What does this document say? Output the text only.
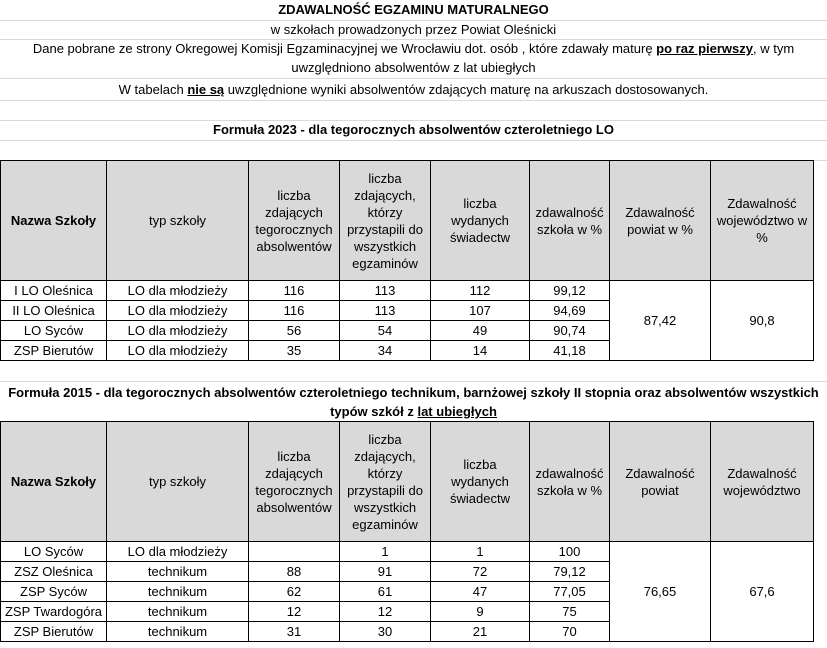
ZDAWALNOŚĆ EGZAMINU MATURALNEGO
w szkołach prowadzonych przez Powiat Oleśnicki
Dane pobrane ze strony Okregowej Komisji Egzaminacyjnej we Wrocławiu dot. osób , które zdawały maturę po raz pierwszy, w tym
uwzględniono absolwentów z lat ubiegłych
W tabelach nie są uwzględnione wyniki absolwentów zdających maturę na arkuszach dostosowanych.
Formuła 2023 - dla tegorocznych absolwentów czteroletniego LO
Nazwa Szkoły	typ szkoły	liczba zdających tegorocznych absolwentów	liczba zdających, którzy przystapili do wszystkich egzaminów	liczba wydanych świadectw	zdawalność szkoła w %	Zdawalność powiat w %	Zdawalność województwo w %
I LO Oleśnica	LO dla młodzieży	116	113	112	99,12	87,42	90,8
II LO Oleśnica	LO dla młodzieży	116	113	107	94,69		
LO Syców	LO dla młodzieży	56	54	49	90,74		
ZSP Bierutów	LO dla młodzieży	35	34	14	41,18		
Formuła 2015 - dla tegorocznych absolwentów czteroletniego technikum, barnżowej szkoły II stopnia oraz absolwentów wszystkich
typów szkół z lat ubiegłych
Nazwa Szkoły	typ szkoły	liczba zdających tegorocznych absolwentów	liczba zdających, którzy przystapili do wszystkich egzaminów	liczba wydanych świadectw	zdawalność szkoła w %	Zdawalność powiat	Zdawalność województwo
LO Syców	LO dla młodzieży		1	1	100	76,65	67,6
ZSZ Oleśnica	technikum	88	91	72	79,12		
ZSP Syców	technikum	62	61	47	77,05		
ZSP Twardogóra	technikum	12	12	9	75		
ZSP Bierutów	technikum	31	30	21	70		
